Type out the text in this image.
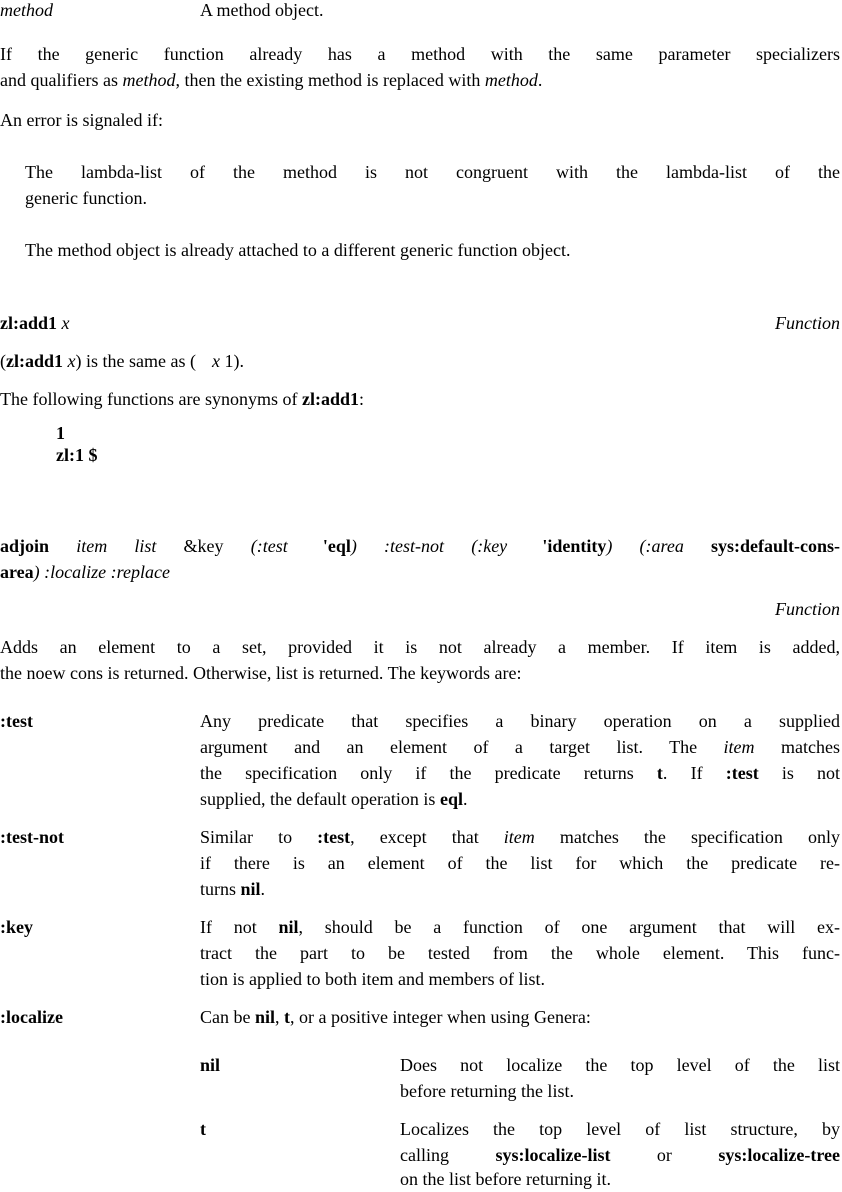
method	A method object.
If the generic function already has a method with the same parameter specializers
and qualifiers as method, then the existing method is replaced with method.
An error is signaled if:
The lambda-list of the method is not congruent with the lambda-list of the
generic function.
The method object is already attached to a different generic function object.
zl:add1 x	Function
(zl:add1 x) is the same as ( x 1).
The following functions are synonyms of zl:add1:
1
zl:1 $
adjoin item list &key (:test 'eql) :test-not (:key 'identity) (:area sys:default-cons-
area) :localize :replace
Function
Adds an element to a set, provided it is not already a member. If item is added,
the noew cons is returned. Otherwise, list is returned. The keywords are:
:test	Any predicate that specifies a binary operation on a supplied
argument and an element of a target list. The item matches
the specification only if the predicate returns t. If :test is not
supplied, the default operation is eql.
:test-not	Similar to :test, except that item matches the specification only
if there is an element of the list for which the predicate re-
turns nil.
:key	If not nil, should be a function of one argument that will ex-
tract the part to be tested from the whole element. This func-
tion is applied to both item and members of list.
:localize	Can be nil, t, or a positive integer when using Genera:
nil	Does not localize the top level of the list
before returning the list.
t	Localizes the top level of list structure, by
calling sys:localize-list or sys:localize-tree
on the list before returning it.
